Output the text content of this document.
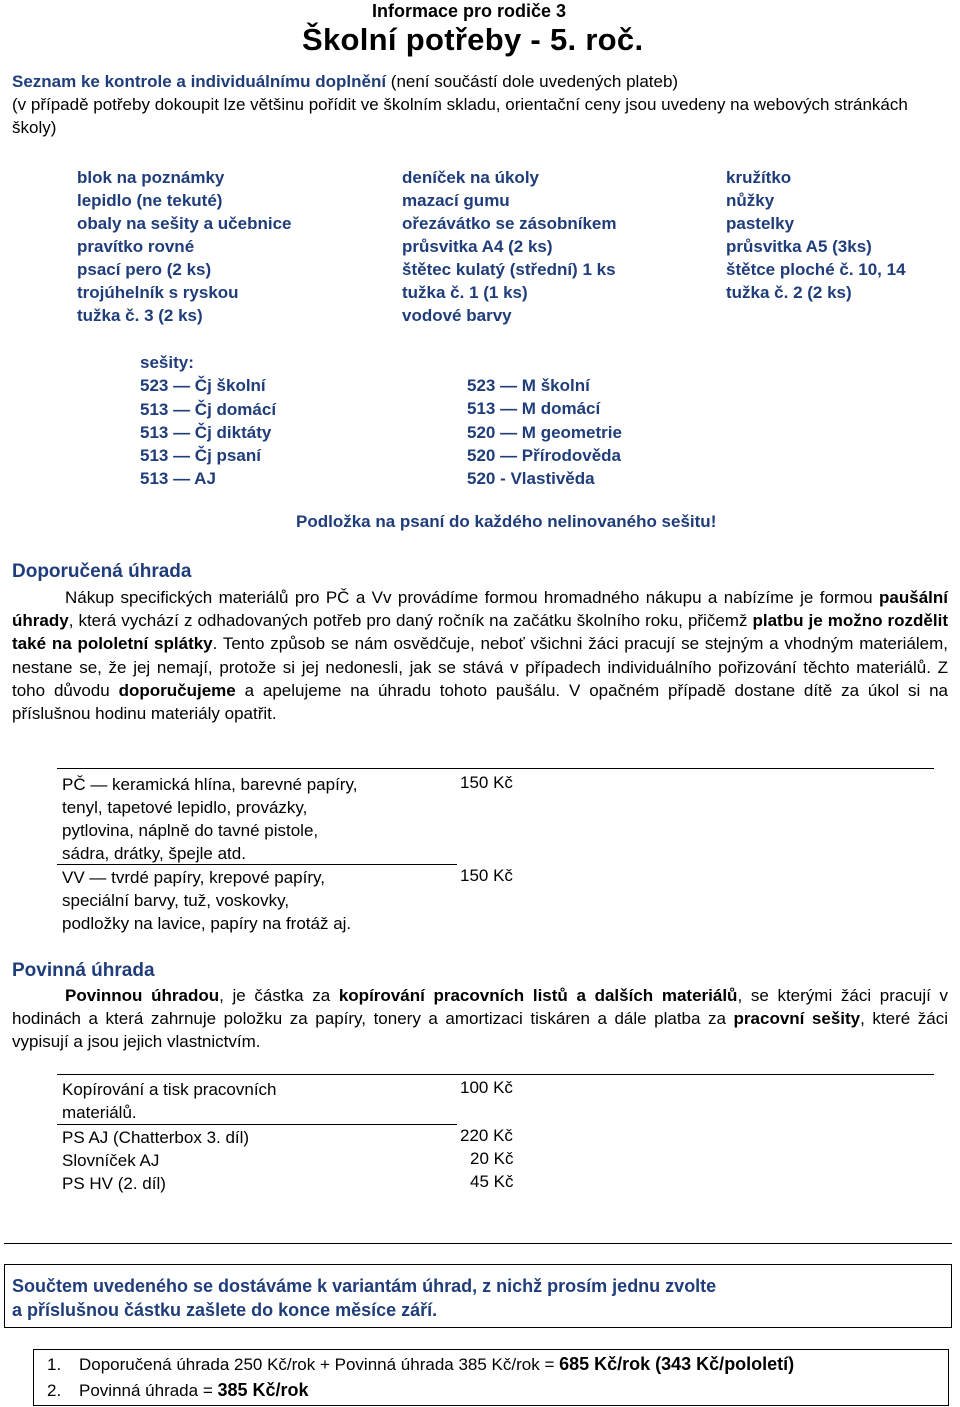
Informace pro rodiče 3
Školní potřeby - 5. roč.
Seznam ke kontrole a individuálnímu doplnění (není součástí dole uvedených plateb)
(v případě potřeby dokoupit lze většinu pořídit ve školním skladu, orientační ceny jsou uvedeny na webových stránkách školy)
blok na poznámky
lepidlo (ne tekuté)
obaly na sešity a učebnice
pravítko rovné
psací pero (2 ks)
trojúhelník s ryskou
tužka č. 3 (2 ks)
deníček na úkoly
mazací gumu
ořezávátko se zásobníkem
průsvitka A4 (2 ks)
štětec kulatý (střední) 1 ks
tužka č. 1 (1 ks)
vodové barvy
kružítko
nůžky
pastelky
průsvitka A5 (3ks)
štětce ploché č. 10, 14
tužka č. 2 (2 ks)
sešity:
523 — Čj školní
513 — Čj domácí
513 — Čj diktáty
513 — Čj psaní
513 — AJ
523 — M školní
513 — M domácí
520 — M geometrie
520 — Přírodověda
520 - Vlastivěda
Podložka na psaní do každého nelinovaného sešitu!
Doporučená úhrada
Nákup specifických materiálů pro PČ a Vv provádíme formou hromadného nákupu a nabízíme je formou paušální úhrady, která vychází z odhadovaných potřeb pro daný ročník na začátku školního roku, přičemž platbu je možno rozdělit také na pololetní splátky. Tento způsob se nám osvědčuje, neboť všichni žáci pracují se stejným a vhodným materiálem, nestane se, že jej nemají, protože si jej nedonesli, jak se stává v případech individuálního pořizování těchto materiálů. Z toho důvodu doporučujeme a apelujeme na úhradu tohoto paušálu. V opačném případě dostane dítě za úkol si na příslušnou hodinu materiály opatřit.
PČ — keramická hlína, barevné papíry,
tenyl, tapetové lepidlo, provázky,
pytlovina, náplně do tavné pistole,
sádra, drátky, špejle atd.
150 Kč
VV — tvrdé papíry, krepové papíry,
speciální barvy, tuž, voskovky,
podložky na lavice, papíry na frotáž aj.
150 Kč
Povinná úhrada
Povinnou úhradou, je částka za kopírování pracovních listů a dalších materiálů, se kterými žáci pracují v hodinách a která zahrnuje položku za papíry, tonery a amortizaci tiskáren a dále platba za pracovní sešity, které žáci vypisují a jsou jejich vlastnictvím.
Kopírování a tisk pracovních
materiálů.
100 Kč
PS AJ (Chatterbox 3. díl)	220 Kč
Slovníček AJ	20 Kč
PS HV (2. díl)	45 Kč
Součtem uvedeného se dostáváme k variantám úhrad, z nichž prosím jednu zvolte
a příslušnou částku zašlete do konce měsíce září.
1. Doporučená úhrada 250 Kč/rok + Povinná úhrada 385 Kč/rok = 685 Kč/rok (343 Kč/pololetí)
2. Povinná úhrada = 385 Kč/rok
